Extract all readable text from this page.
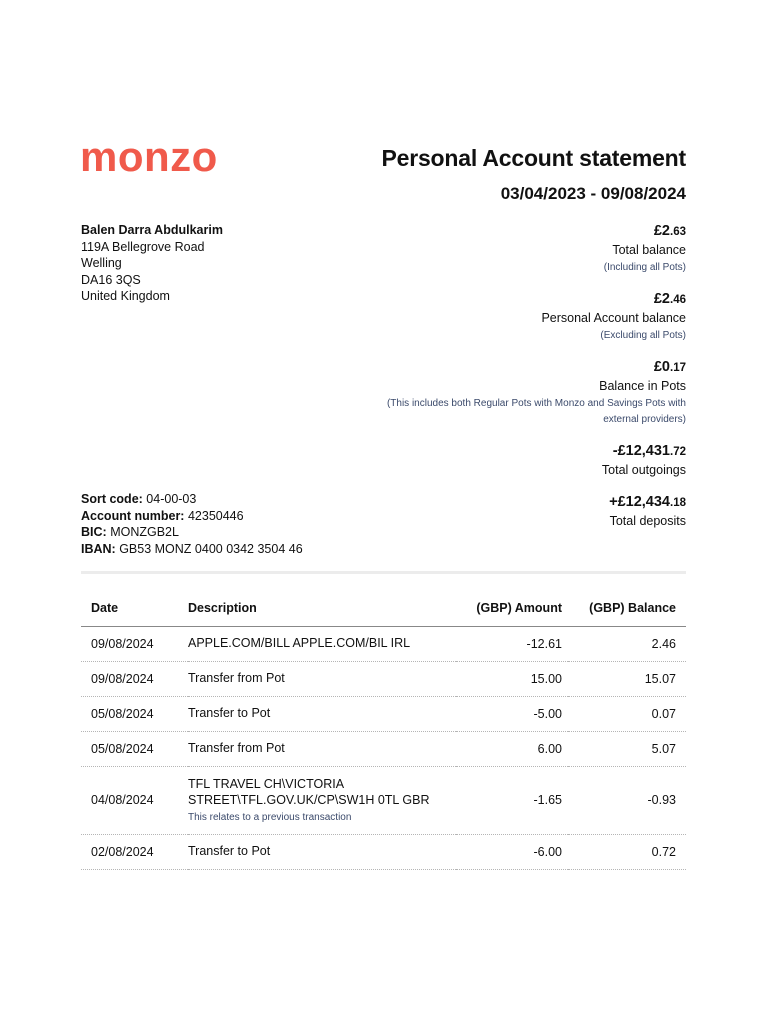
monzo	Personal Account statement
03/04/2023 - 09/08/2024
Balen Darra Abdulkarim
119A Bellegrove Road
Welling
DA16 3QS
United Kingdom
£2.63
Total balance
(Including all Pots)
£2.46
Personal Account balance
(Excluding all Pots)
£0.17
Balance in Pots
(This includes both Regular Pots with Monzo and Savings Pots with external providers)
-£12,431.72
Total outgoings
+£12,434.18
Total deposits
Sort code: 04-00-03
Account number: 42350446
BIC: MONZGB2L
IBAN: GB53 MONZ 0400 0342 3504 46
Date	Description	(GBP) Amount	(GBP) Balance
09/08/2024	APPLE.COM/BILL APPLE.COM/BIL IRL	-12.61	2.46
09/08/2024	Transfer from Pot	15.00	15.07
05/08/2024	Transfer to Pot	-5.00	0.07
05/08/2024	Transfer from Pot	6.00	5.07
04/08/2024	TFL TRAVEL CH\VICTORIA
STREET\TFL.GOV.UK/CP\SW1H 0TL GBR
This relates to a previous transaction	-1.65	-0.93
02/08/2024	Transfer to Pot	-6.00	0.72
